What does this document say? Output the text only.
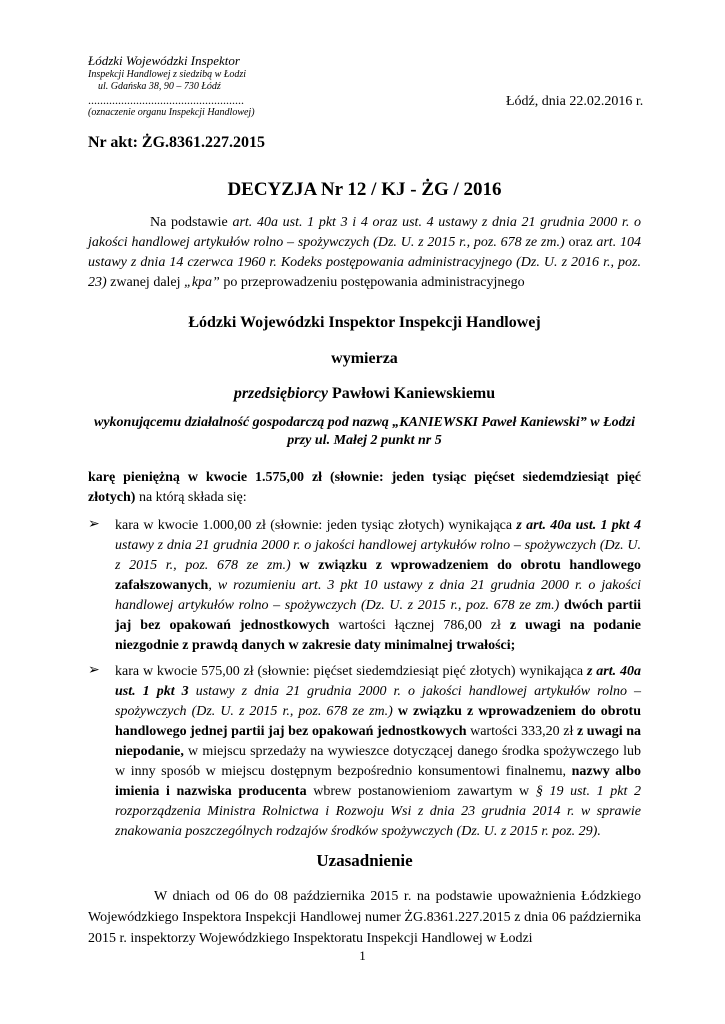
Łódzki Wojewódzki Inspektor
Inspekcji Handlowej z siedzibą w Łodzi
ul. Gdańska 38, 90 – 730 Łódź
....................................................
(oznaczenie organu Inspekcji Handlowej)
Łódź, dnia 22.02.2016 r.
Nr akt: ŻG.8361.227.2015
DECYZJA Nr 12 / KJ - ŻG / 2016
Na podstawie art. 40a ust. 1 pkt 3 i 4 oraz ust. 4 ustawy z dnia 21 grudnia 2000 r. o jakości handlowej artykułów rolno – spożywczych (Dz. U. z 2015 r., poz. 678 ze zm.) oraz art. 104 ustawy z dnia 14 czerwca 1960 r. Kodeks postępowania administracyjnego (Dz. U. z 2016 r., poz. 23) zwanej dalej „kpa” po przeprowadzeniu postępowania administracyjnego
Łódzki Wojewódzki Inspektor Inspekcji Handlowej
wymierza
przedsiębiorcy Pawłowi Kaniewskiemu
wykonującemu działalność gospodarczą pod nazwą „KANIEWSKI Paweł Kaniewski” w Łodzi
przy ul. Małej 2 punkt nr 5
karę pieniężną w kwocie 1.575,00 zł (słownie: jeden tysiąc pięćset siedemdziesiąt pięć złotych) na którą składa się:
➢ kara w kwocie 1.000,00 zł (słownie: jeden tysiąc złotych) wynikająca z art. 40a ust. 1 pkt 4 ustawy z dnia 21 grudnia 2000 r. o jakości handlowej artykułów rolno – spożywczych (Dz. U. z 2015 r., poz. 678 ze zm.) w związku z wprowadzeniem do obrotu handlowego zafałszowanych, w rozumieniu art. 3 pkt 10 ustawy z dnia 21 grudnia 2000 r. o jakości handlowej artykułów rolno – spożywczych (Dz. U. z 2015 r., poz. 678 ze zm.) dwóch partii jaj bez opakowań jednostkowych wartości łącznej 786,00 zł z uwagi na podanie niezgodnie z prawdą danych w zakresie daty minimalnej trwałości;
➢ kara w kwocie 575,00 zł (słownie: pięćset siedemdziesiąt pięć złotych) wynikająca z art. 40a ust. 1 pkt 3 ustawy z dnia 21 grudnia 2000 r. o jakości handlowej artykułów rolno – spożywczych (Dz. U. z 2015 r., poz. 678 ze zm.) w związku z wprowadzeniem do obrotu handlowego jednej partii jaj bez opakowań jednostkowych wartości 333,20 zł z uwagi na niepodanie, w miejscu sprzedaży na wywieszce dotyczącej danego środka spożywczego lub w inny sposób w miejscu dostępnym bezpośrednio konsumentowi finalnemu, nazwy albo imienia i nazwiska producenta wbrew postanowieniom zawartym w § 19 ust. 1 pkt 2 rozporządzenia Ministra Rolnictwa i Rozwoju Wsi z dnia 23 grudnia 2014 r. w sprawie znakowania poszczególnych rodzajów środków spożywczych (Dz. U. z 2015 r. poz. 29).
Uzasadnienie
W dniach od 06 do 08 października 2015 r. na podstawie upoważnienia Łódzkiego Wojewódzkiego Inspektora Inspekcji Handlowej numer ŻG.8361.227.2015 z dnia 06 października 2015 r. inspektorzy Wojewódzkiego Inspektoratu Inspekcji Handlowej w Łodzi
1
